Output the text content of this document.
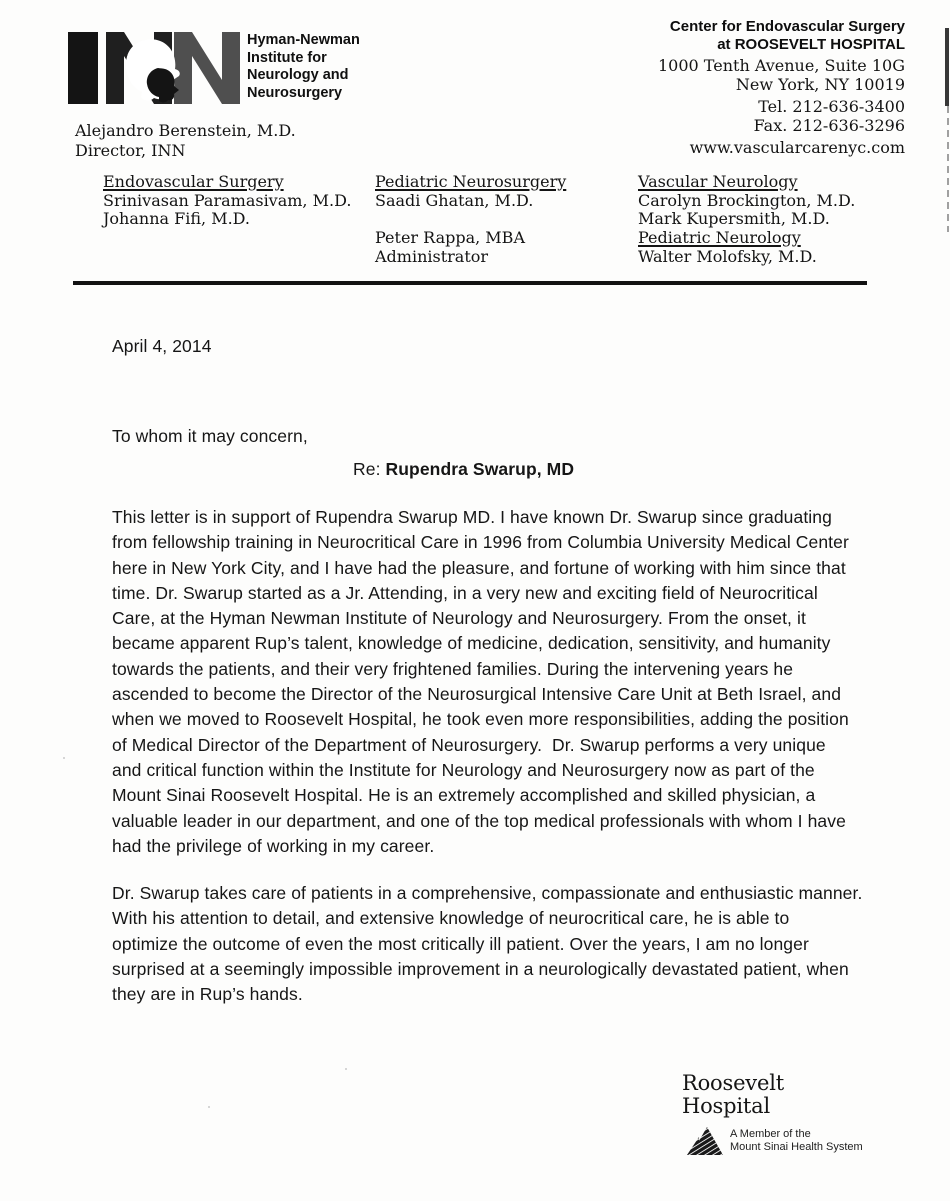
Hyman-Newman
Institute for
Neurology and
Neurosurgery
Alejandro Berenstein, M.D.
Director, INN
Center for Endovascular Surgery
at ROOSEVELT HOSPITAL
1000 Tenth Avenue, Suite 10G
New York, NY 10019
Tel. 212-636-3400
Fax. 212-636-3296
www.vascularcarenyc.com
Endovascular Surgery
Srinivasan Paramasivam, M.D.
Johanna Fifi, M.D.
Pediatric Neurosurgery
Saadi Ghatan, M.D.
Peter Rappa, MBA
Administrator
Vascular Neurology
Carolyn Brockington, M.D.
Mark Kupersmith, M.D.
Pediatric Neurology
Walter Molofsky, M.D.
April 4, 2014
To whom it may concern,
Re: Rupendra Swarup, MD
This letter is in support of Rupendra Swarup MD. I have known Dr. Swarup since graduating
from fellowship training in Neurocritical Care in 1996 from Columbia University Medical Center
here in New York City, and I have had the pleasure, and fortune of working with him since that
time. Dr. Swarup started as a Jr. Attending, in a very new and exciting field of Neurocritical
Care, at the Hyman Newman Institute of Neurology and Neurosurgery. From the onset, it
became apparent Rup’s talent, knowledge of medicine, dedication, sensitivity, and humanity
towards the patients, and their very frightened families. During the intervening years he
ascended to become the Director of the Neurosurgical Intensive Care Unit at Beth Israel, and
when we moved to Roosevelt Hospital, he took even more responsibilities, adding the position
of Medical Director of the Department of Neurosurgery.  Dr. Swarup performs a very unique
and critical function within the Institute for Neurology and Neurosurgery now as part of the
Mount Sinai Roosevelt Hospital. He is an extremely accomplished and skilled physician, a
valuable leader in our department, and one of the top medical professionals with whom I have
had the privilege of working in my career.
Dr. Swarup takes care of patients in a comprehensive, compassionate and enthusiastic manner.
With his attention to detail, and extensive knowledge of neurocritical care, he is able to
optimize the outcome of even the most critically ill patient. Over the years, I am no longer
surprised at a seemingly impossible improvement in a neurologically devastated patient, when
they are in Rup’s hands.
Roosevelt
Hospital
A Member of the
Mount Sinai Health System
